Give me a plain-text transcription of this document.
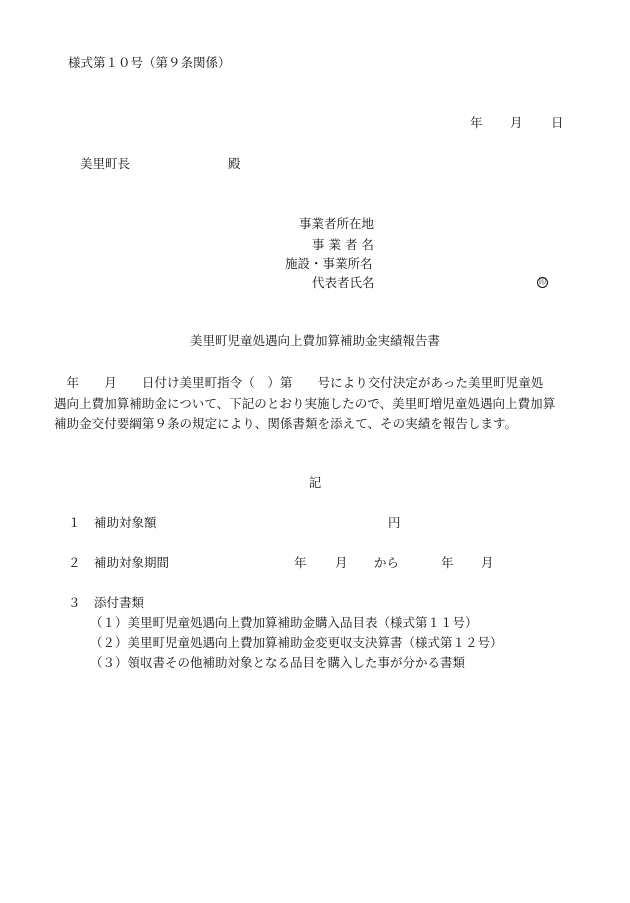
様式第１０号（第９条関係）
年 月 日
美里町長	殿
事業者所在地
事 業 者 名
施設・事業所名
代表者氏名	印
美里町児童処遇向上費加算補助金実績報告書
　年　　月　　日付け美里町指令（　）第　　号により交付決定があった美里町児童処
遇向上費加算補助金について、下記のとおり実施したので、美里町増児童処遇向上費加算
補助金交付要綱第９条の規定により、関係書類を添えて、その実績を報告します。
記
１ 補助対象額	円
２ 補助対象期間	年 月 から	年 月
３ 添付書類
（１）美里町児童処遇向上費加算補助金購入品目表（様式第１１号）
（２）美里町児童処遇向上費加算補助金変更収支決算書（様式第１２号）
（３）領収書その他補助対象となる品目を購入した事が分かる書類
